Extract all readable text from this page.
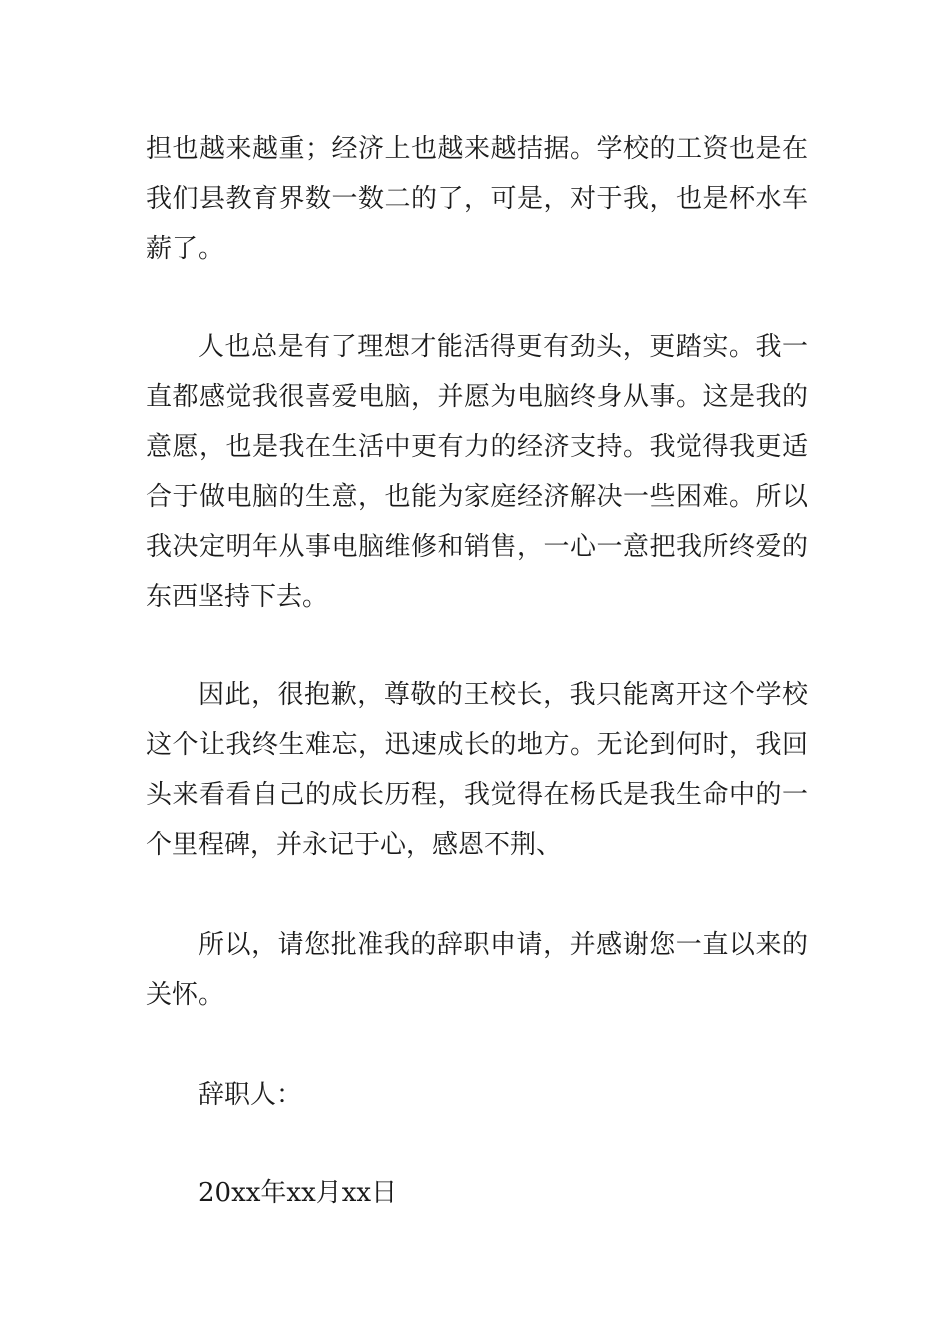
担也越来越重；经济上也越来越拮据。学校的工资也是在我们县教育界数一数二的了，可是，对于我，也是杯水车薪了。

人也总是有了理想才能活得更有劲头，更踏实。我一直都感觉我很喜爱电脑，并愿为电脑终身从事。这是我的意愿，也是我在生活中更有力的经济支持。我觉得我更适合于做电脑的生意，也能为家庭经济解决一些困难。所以我决定明年从事电脑维修和销售，一心一意把我所终爱的东西坚持下去。

因此，很抱歉，尊敬的王校长，我只能离开这个学校这个让我终生难忘，迅速成长的地方。无论到何时，我回头来看看自己的成长历程，我觉得在杨氏是我生命中的一个里程碑，并永记于心，感恩不荆、

所以，请您批准我的辞职申请，并感谢您一直以来的关怀。

辞职人：

20xx年xx月xx日
